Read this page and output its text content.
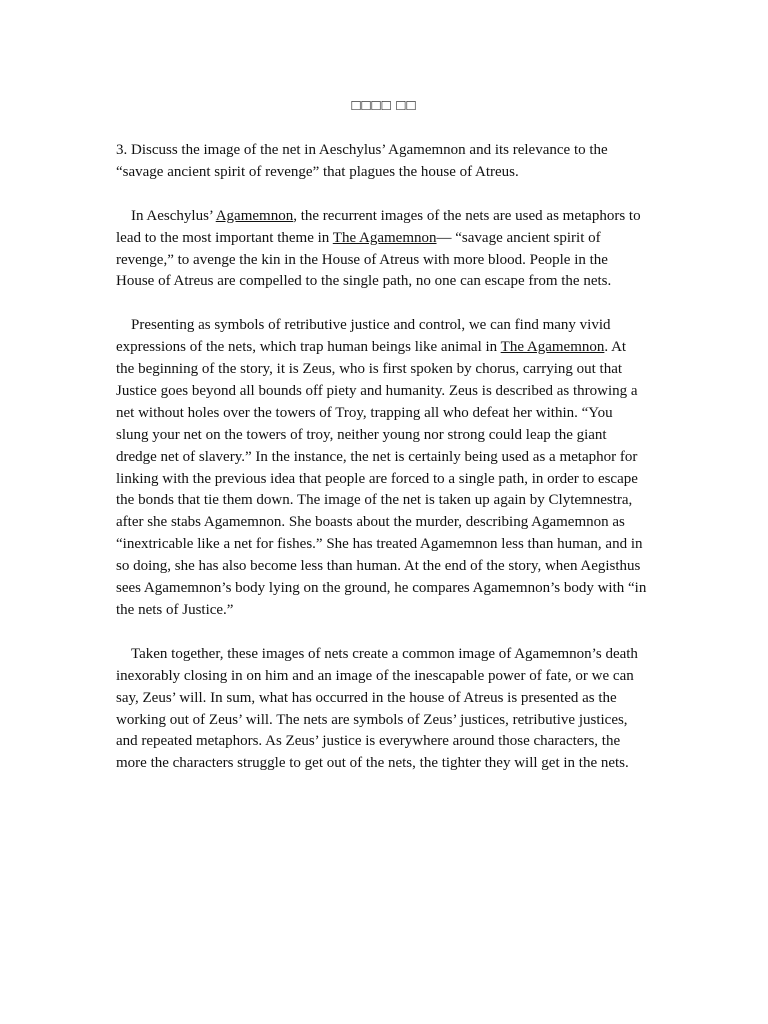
□□□□ □□

3. Discuss the image of the net in Aeschylus’ Agamemnon and its relevance to the “savage ancient spirit of revenge” that plagues the house of Atreus.

In Aeschylus’ Agamemnon, the recurrent images of the nets are used as metaphors to lead to the most important theme in The Agamemnon— “savage ancient spirit of revenge,” to avenge the kin in the House of Atreus with more blood. People in the House of Atreus are compelled to the single path, no one can escape from the nets.

Presenting as symbols of retributive justice and control, we can find many vivid expressions of the nets, which trap human beings like animal in The Agamemnon. At the beginning of the story, it is Zeus, who is first spoken by chorus, carrying out that Justice goes beyond all bounds off piety and humanity. Zeus is described as throwing a net without holes over the towers of Troy, trapping all who defeat her within. “You slung your net on the towers of troy, neither young nor strong could leap the giant dredge net of slavery.” In the instance, the net is certainly being used as a metaphor for linking with the previous idea that people are forced to a single path, in order to escape the bonds that tie them down. The image of the net is taken up again by Clytemnestra, after she stabs Agamemnon. She boasts about the murder, describing Agamemnon as “inextricable like a net for fishes.” She has treated Agamemnon less than human, and in so doing, she has also become less than human. At the end of the story, when Aegisthus sees Agamemnon’s body lying on the ground, he compares Agamemnon’s body with “in the nets of Justice.”

Taken together, these images of nets create a common image of Agamemnon’s death inexorably closing in on him and an image of the inescapable power of fate, or we can say, Zeus’ will. In sum, what has occurred in the house of Atreus is presented as the working out of Zeus’ will. The nets are symbols of Zeus’ justices, retributive justices, and repeated metaphors. As Zeus’ justice is everywhere around those characters, the more the characters struggle to get out of the nets, the tighter they will get in the nets.
